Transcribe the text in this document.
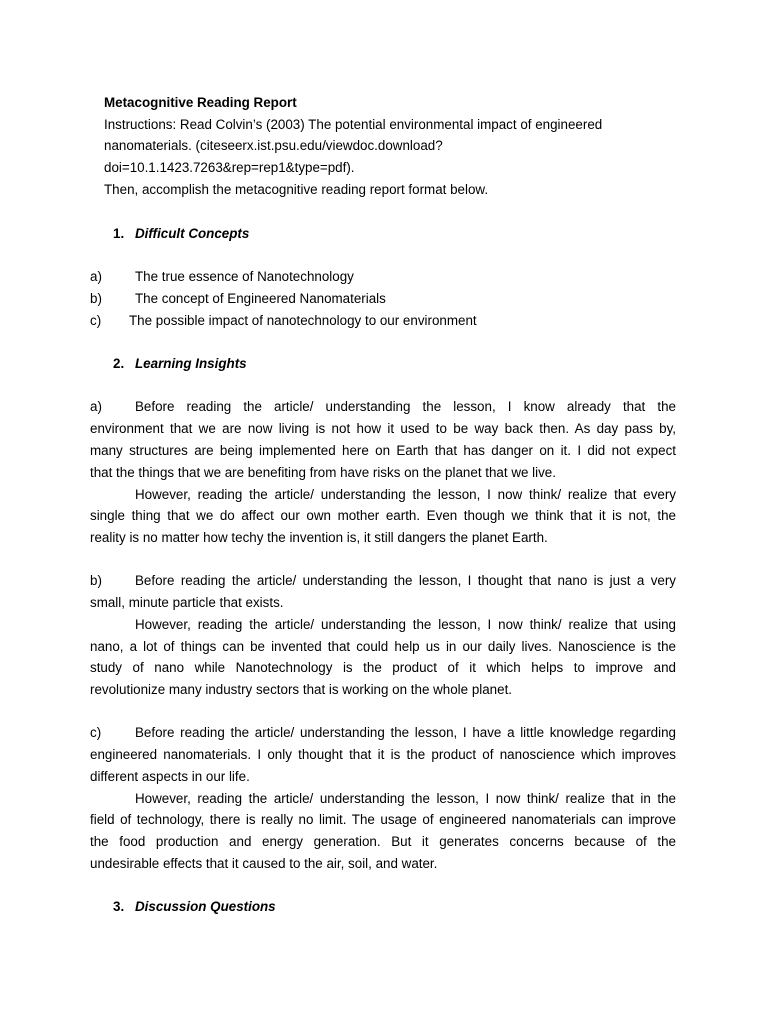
Metacognitive Reading Report
Instructions: Read Colvin’s (2003) The potential environmental impact of engineered
nanomaterials. (citeseerx.ist.psu.edu/viewdoc.download?
doi=10.1.1423.7263&rep=rep1&type=pdf).
Then, accomplish the metacognitive reading report format below.
1. Difficult Concepts
a) The true essence of Nanotechnology
b) The concept of Engineered Nanomaterials
c) The possible impact of nanotechnology to our environment
2. Learning Insights
a) Before reading the article/ understanding the lesson, I know already that the
environment that we are now living is not how it used to be way back then. As day pass by,
many structures are being implemented here on Earth that has danger on it. I did not expect
that the things that we are benefiting from have risks on the planet that we live.
However, reading the article/ understanding the lesson, I now think/ realize that every
single thing that we do affect our own mother earth. Even though we think that it is not, the
reality is no matter how techy the invention is, it still dangers the planet Earth.
b) Before reading the article/ understanding the lesson, I thought that nano is just a very
small, minute particle that exists.
However, reading the article/ understanding the lesson, I now think/ realize that using
nano, a lot of things can be invented that could help us in our daily lives. Nanoscience is the
study of nano while Nanotechnology is the product of it which helps to improve and
revolutionize many industry sectors that is working on the whole planet.
c)	Before reading the article/ understanding the lesson, I have a little knowledge regarding
engineered nanomaterials. I only thought that it is the product of nanoscience which improves
different aspects in our life.
However, reading the article/ understanding the lesson, I now think/ realize that in the
field of technology, there is really no limit. The usage of engineered nanomaterials can improve
the food production and energy generation. But it generates concerns because of the
undesirable effects that it caused to the air, soil, and water.
3. Discussion Questions
